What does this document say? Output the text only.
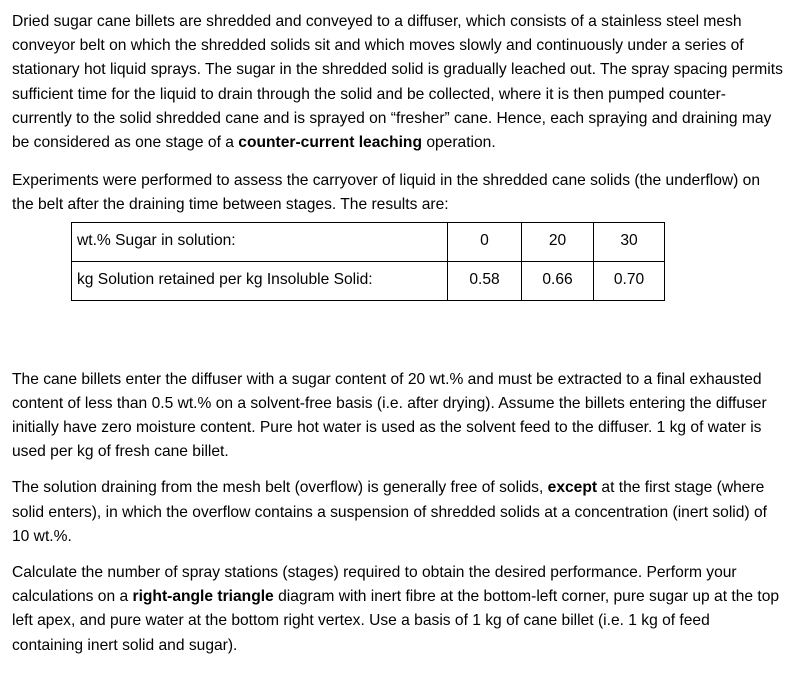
Dried sugar cane billets are shredded and conveyed to a diffuser, which consists of a stainless steel mesh conveyor belt on which the shredded solids sit and which moves slowly and continuously under a series of stationary hot liquid sprays. The sugar in the shredded solid is gradually leached out. The spray spacing permits sufficient time for the liquid to drain through the solid and be collected, where it is then pumped counter-currently to the solid shredded cane and is sprayed on “fresher” cane. Hence, each spraying and draining may be considered as one stage of a counter-current leaching operation.

Experiments were performed to assess the carryover of liquid in the shredded cane solids (the underflow) on the belt after the draining time between stages. The results are:

wt.% Sugar in solution:	0	20	30
kg Solution retained per kg Insoluble Solid:	0.58	0.66	0.70

The cane billets enter the diffuser with a sugar content of 20 wt.% and must be extracted to a final exhausted content of less than 0.5 wt.% on a solvent-free basis (i.e. after drying). Assume the billets entering the diffuser initially have zero moisture content. Pure hot water is used as the solvent feed to the diffuser. 1 kg of water is used per kg of fresh cane billet.

The solution draining from the mesh belt (overflow) is generally free of solids, except at the first stage (where solid enters), in which the overflow contains a suspension of shredded solids at a concentration (inert solid) of 10 wt.%.

Calculate the number of spray stations (stages) required to obtain the desired performance. Perform your calculations on a right-angle triangle diagram with inert fibre at the bottom-left corner, pure sugar up at the top left apex, and pure water at the bottom right vertex. Use a basis of 1 kg of cane billet (i.e. 1 kg of feed containing inert solid and sugar).
